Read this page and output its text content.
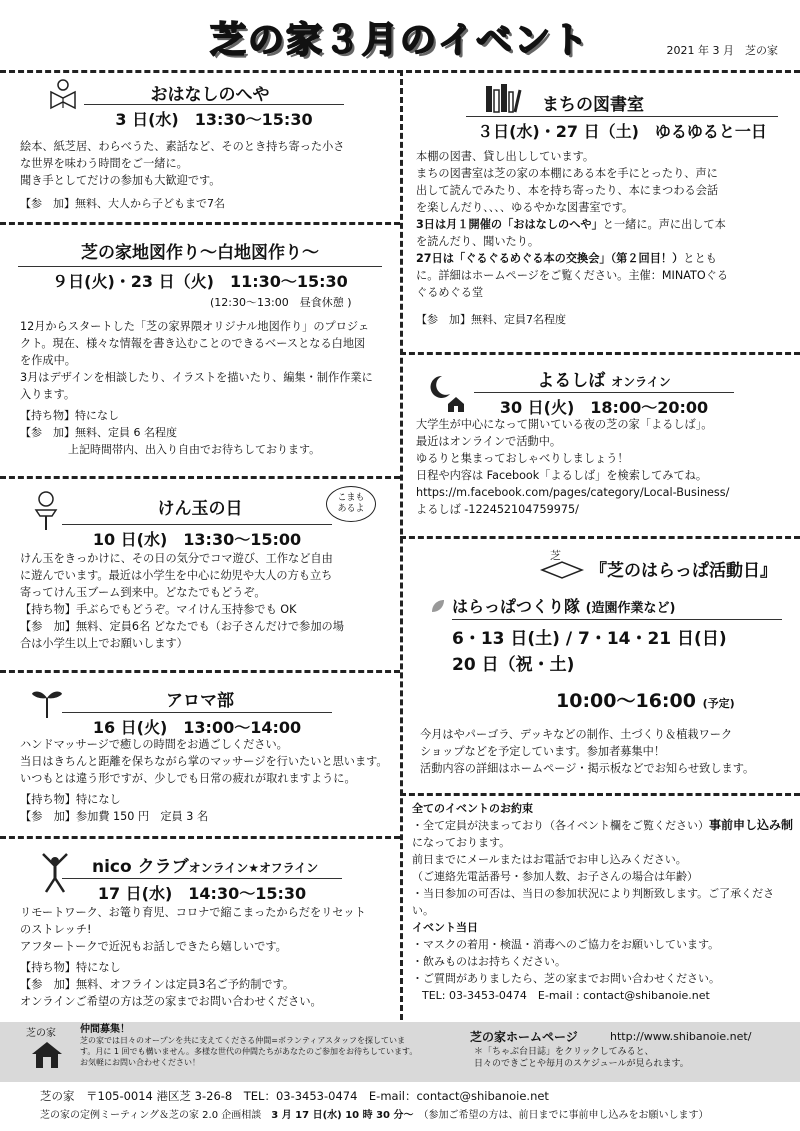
芝の家３月のイベント	2021 年 3 月　芝の家
おはなしのへや
3 日(水)　13:30〜15:30

絵本、紙芝居、わらべうた、素話など、そのとき持ち寄った小さ
な世界を味わう時間をご一緒に。
聞き手としてだけの参加も大歓迎です。

【参　加】無料、大人から子どもまで7名

芝の家地図作り〜白地図作り〜
９日(火)・23 日（火)　11:30〜15:30
(12:30〜13:00　昼食休憩 )

12月からスタートした「芝の家界隈オリジナル地図作り」のプロジェ
クト。現在、様々な情報を書き込むことのできるベースとなる白地図
を作成中。
3月はデザインを相談したり、イラストを描いたり、編集・制作作業に
入ります。

【持ち物】特になし

【参　加】無料、定員 6 名程度

上記時間帯内、出入り自由でお待ちしております。

けん玉の日
こまも
あるよ
10 日(水)　13:30〜15:00

けん玉をきっかけに、その日の気分でコマ遊び、工作など自由
に遊んでいます。最近は小学生を中心に幼児や大人の方も立ち
寄ってけん玉ブーム到来中。どなたでもどうぞ。

【持ち物】手ぶらでもどうぞ。マイけん玉持参でも OK

【参　加】無料、定員6名 どなたでも（お子さんだけで参加の場
合は小学生以上でお願いします）

アロマ部
16 日(火)　13:00〜14:00

ハンドマッサージで癒しの時間をお過ごしください。
当日はきちんと距離を保ちながら掌のマッサージを行いたいと思います。
いつもとは違う形ですが、少しでも日常の疲れが取れますように。

【持ち物】特になし

【参　加】参加費 150 円　定員 3 名

nico クラブオンライン★オフライン
17 日(水)　14:30〜15:30

リモートワーク、お篭り育児、コロナで縮こまったからだをリセット
のストレッチ!
アフタートークで近況もお話しできたら嬉しいです。

【持ち物】特になし

【参　加】無料、オフラインは定員3名ご予約制です。
オンラインご希望の方は芝の家までお問い合わせください。

まちの図書室
３日(水)・27 日（土)　ゆるゆると一日

本棚の図書、貸し出ししています。
まちの図書室は芝の家の本棚にある本を手にとったり、声に
出して読んでみたり、本を持ち寄ったり、本にまつわる会話
を楽しんだり、、、、ゆるやかな図書室です。

3日は月１開催の「おはなしのへや」と一緒に。声に出して本
を読んだり、聞いたり。

27日は「ぐるぐるめぐる本の交換会」（第２回目！）ととも
に。詳細はホームページをご覧ください。主催：MINATOぐる
ぐるめぐる堂

【参　加】無料、定員7名程度

よるしば オンライン
30 日(火)　18:00〜20:00

大学生が中心になって開いている夜の芝の家「よるしば」。
最近はオンラインで活動中。
ゆるりと集まっておしゃべりしましょう！
日程や内容は Facebook「よるしば」を検索してみてね。
https://m.facebook.com/pages/category/Local-Business/
よるしば -122452104759975/

芝
『芝のはらっぱ活動日』
はらっぱつくり隊 (造園作業など)
6・13 日(土) / 7・14・21 日(日)
20 日（祝・土)
10:00〜16:00 (予定)

今月はやパーゴラ、デッキなどの制作、土づくり＆植栽ワーク
ショップなどを予定しています。参加者募集中！
活動内容の詳細はホームページ・掲示板などでお知らせ致します。

全てのイベントのお約束

・全て定員が決まっており（各イベント欄をご覧ください）事前申し込み制

になっております。

前日までにメールまたはお電話でお申し込みください。

（ご連絡先電話番号・参加人数、お子さんの場合は年齢）

・当日参加の可否は、当日の参加状況により判断致します。ご了承ください。

イベント当日

・マスクの着用・検温・消毒へのご協力をお願いしています。

・飲みものはお持ちください。

・ご質問がありましたら、芝の家までお問い合わせください。

TEL: 03-3453-0474　E-mail : contact@shibanoie.net

芝の家 仲間募集！

芝の家では日々のオープンを共に支えてくださる仲間=ボランティアスタッフを探していま
す。月に 1 回でも構いません。多様な世代の仲間たちがあなたのご参加をお待ちしています。
お気軽にお問い合わせください！

芝の家ホームページ	http://www.shibanoie.net/
＊「ちゃぶ台日誌」をクリックしてみると、
日々のできごとや毎月のスケジュールが見られます。
芝の家　〒105-0014 港区芝 3-26-8　TEL：03-3453-0474　E-mail：contact@shibanoie.net
芝の家の定例ミーティング＆芝の家 2.0 企画相談　 3 月 17 日(水) 10 時 30 分〜　 （参加ご希望の方は、前日までに事前申し込みをお願いします）
